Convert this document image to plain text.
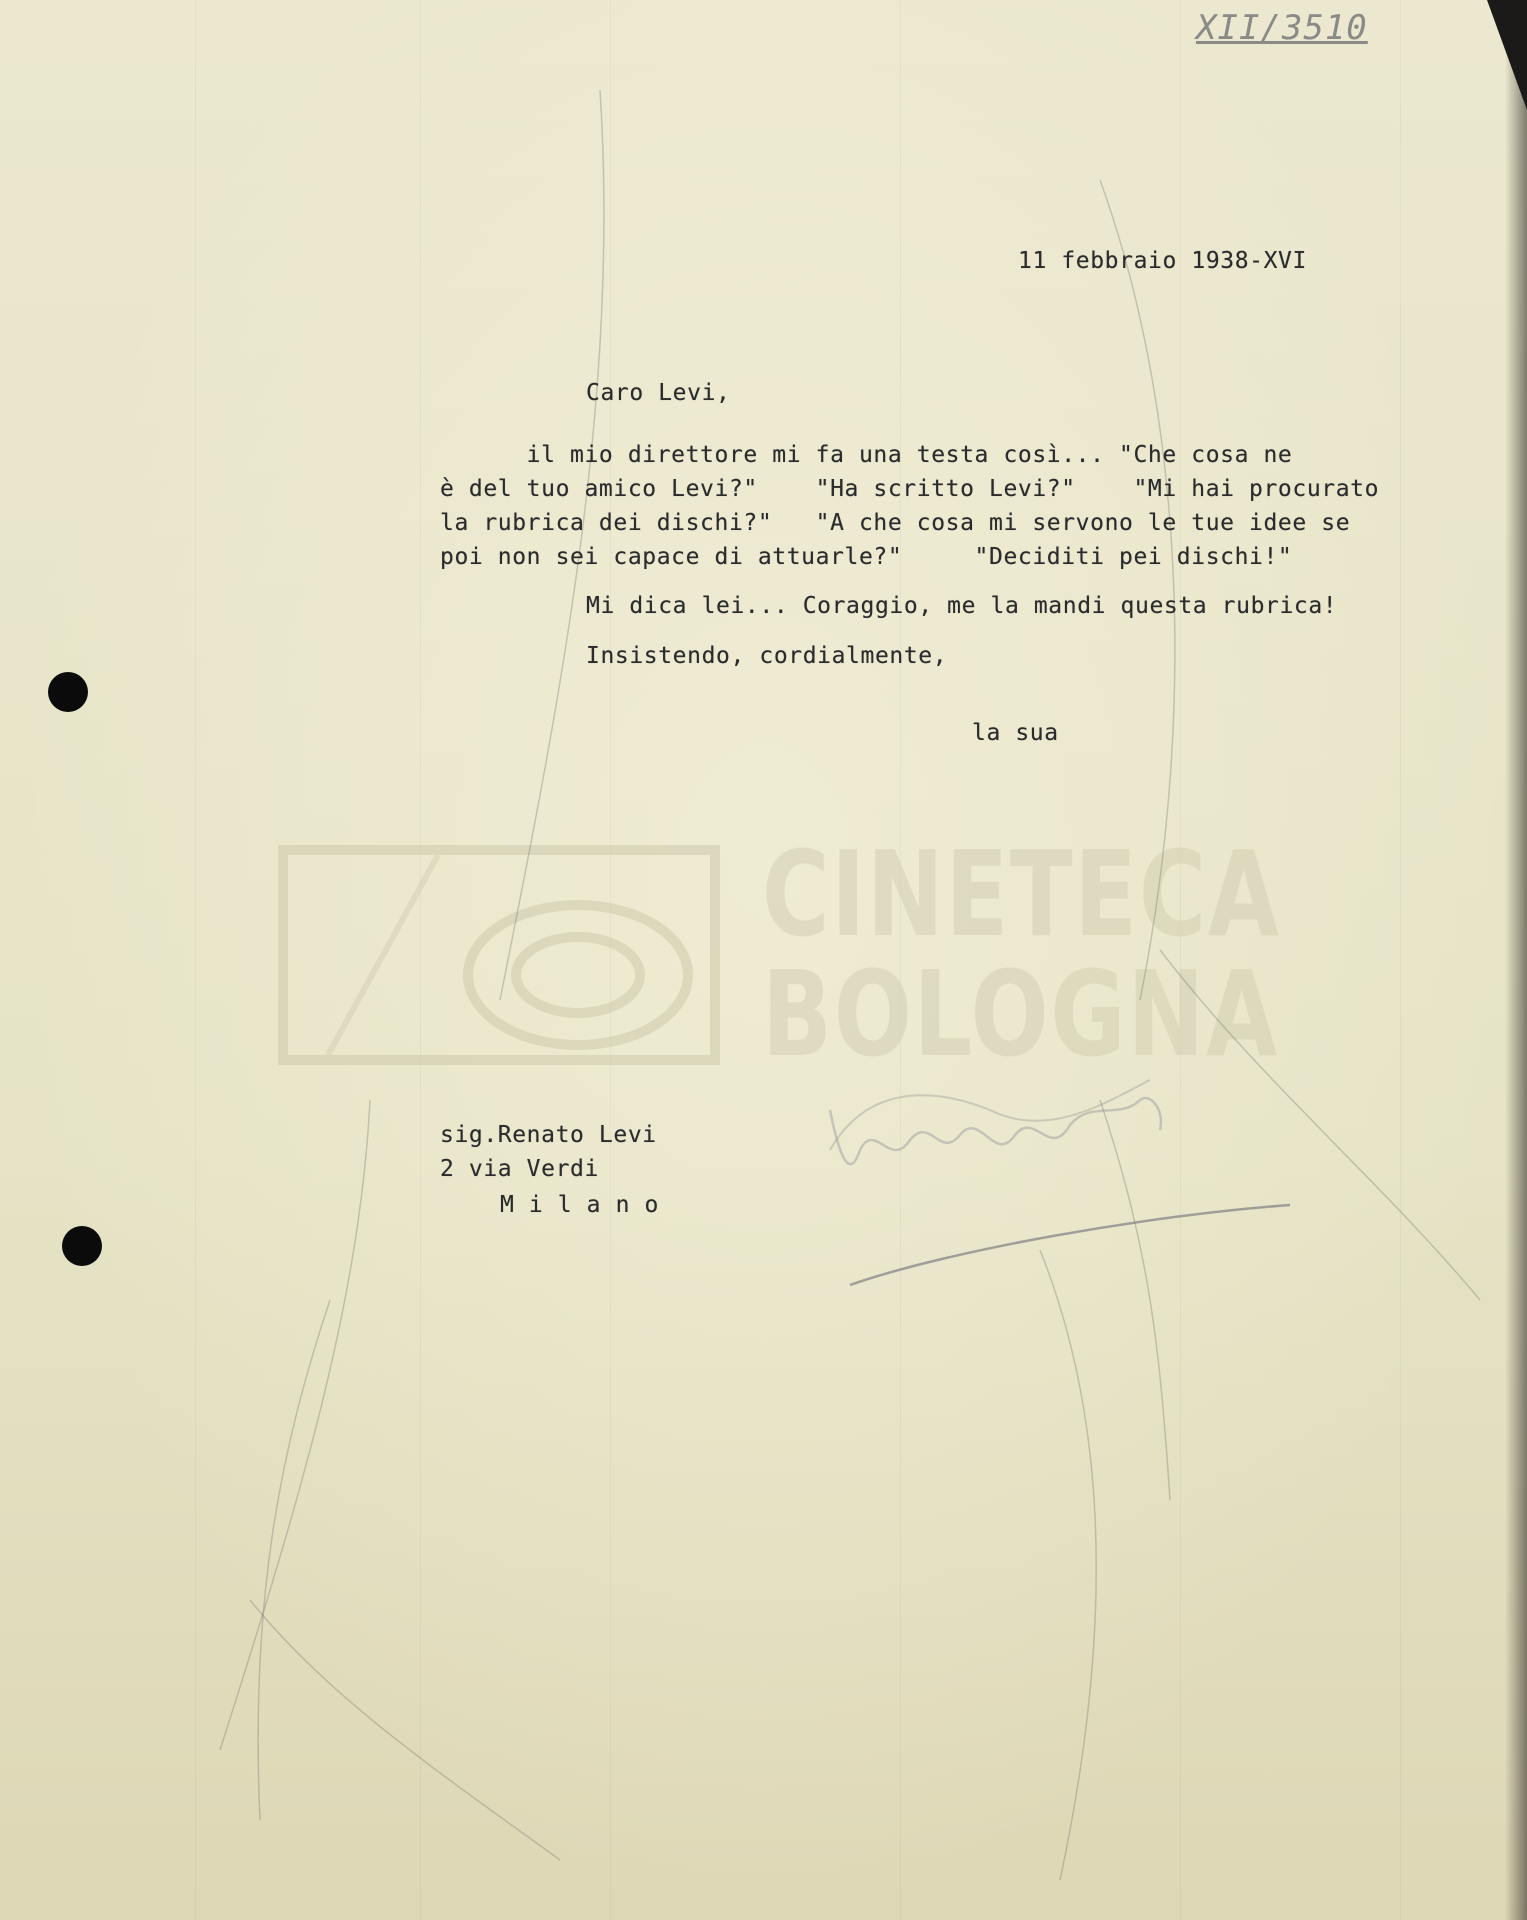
XII/3510
CINETECA
BOLOGNA
11 febbraio 1938-XVI
Caro Levi,
il mio direttore mi fa una testa così... "Che cosa ne
è del tuo amico Levi?"    "Ha scritto Levi?"    "Mi hai procurato
la rubrica dei dischi?"   "A che cosa mi servono le tue idee se
poi non sei capace di attuarle?"     "Deciditi pei dischi!"
Mi dica lei... Coraggio, me la mandi questa rubrica!
Insistendo, cordialmente,
la sua
sig.Renato Levi
2 via Verdi
M i l a n o
